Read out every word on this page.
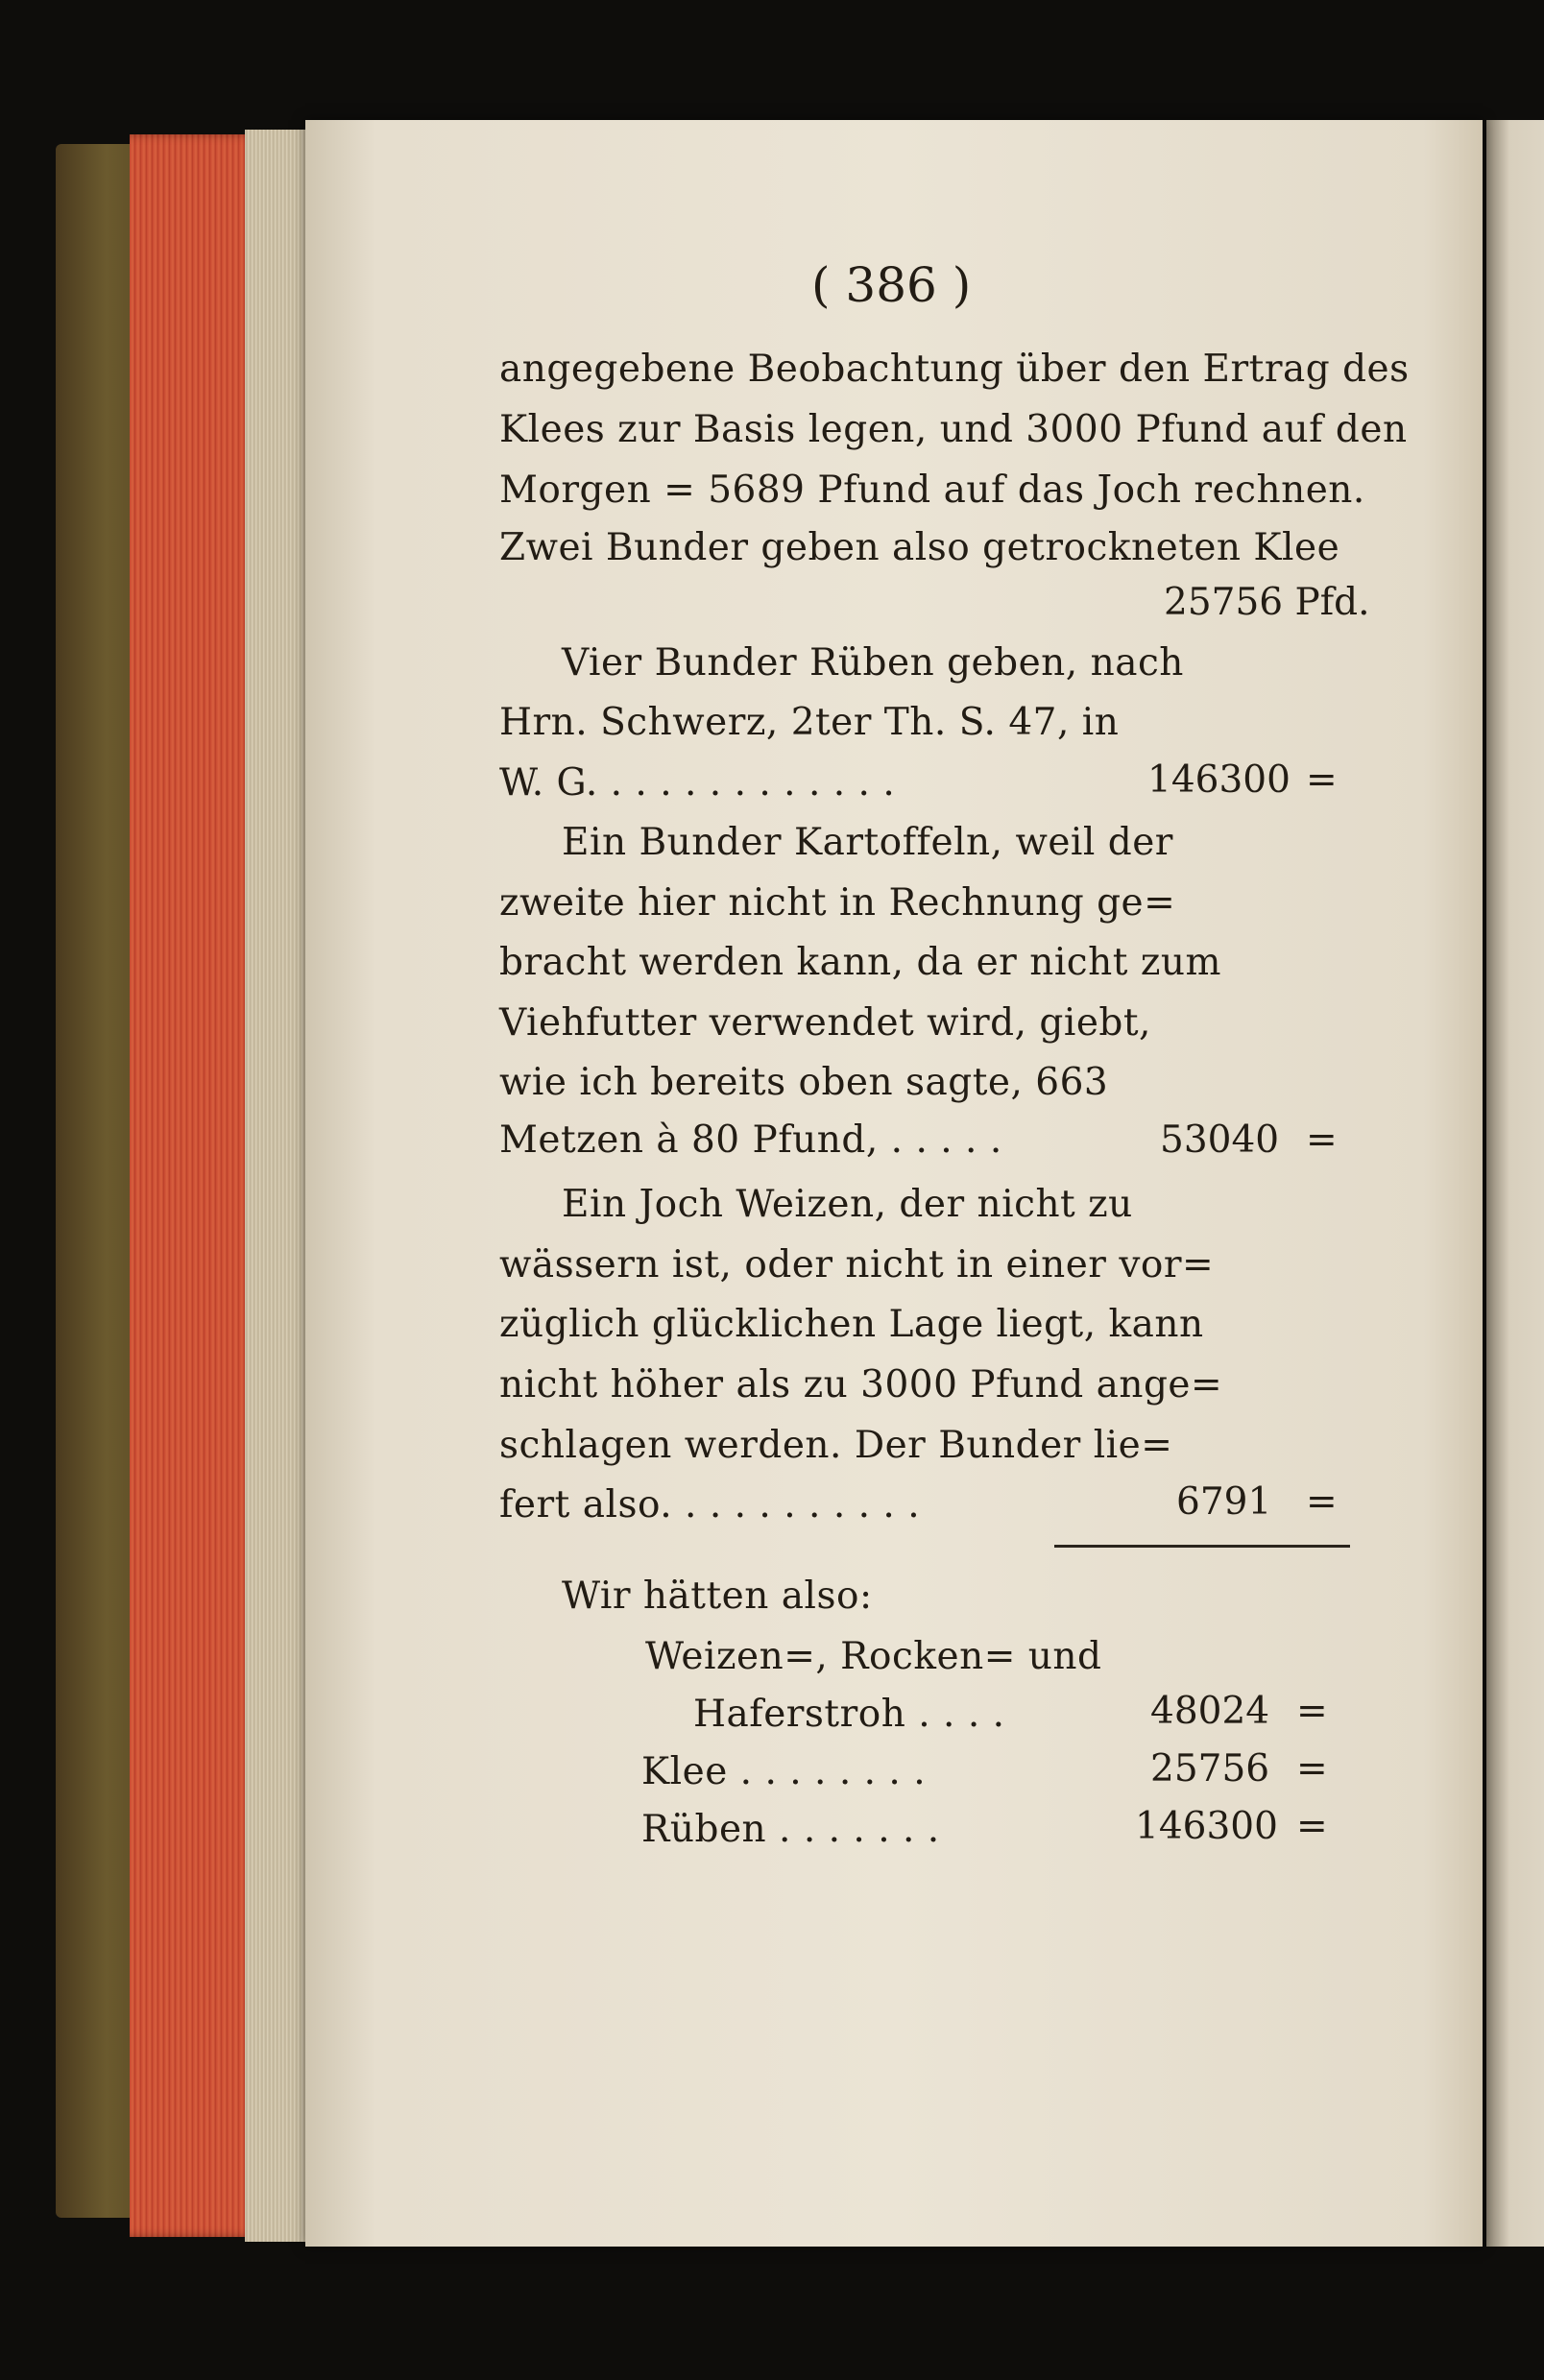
( 386 )
angegebene Beobachtung über den Ertrag des
Klees zur Basis legen, und 3000 Pfund auf den
Morgen = 5689 Pfund auf das Joch rechnen.
Zwei Bunder geben also getrockneten Klee
25756 Pfd.
Vier Bunder Rüben geben, nach
Hrn. Schwerz, 2ter Th. S. 47, in
W. G. . . . . . . . . . . . .	146300 =
Ein Bunder Kartoffeln, weil der
zweite hier nicht in Rechnung ge=
bracht werden kann, da er nicht zum
Viehfutter verwendet wird, giebt,
wie ich bereits oben sagte, 663
Metzen à 80 Pfund, . . . . .	53040 =
Ein Joch Weizen, der nicht zu
wässern ist, oder nicht in einer vor=
züglich glücklichen Lage liegt, kann
nicht höher als zu 3000 Pfund ange=
schlagen werden. Der Bunder lie=
fert also. . . . . . . . . . .	6791 =
Wir hätten also:
Weizen=, Rocken= und
Haferstroh . . . .	48024 =
Klee . . . . . . . .	25756 =
Rüben . . . . . . .	146300 =
